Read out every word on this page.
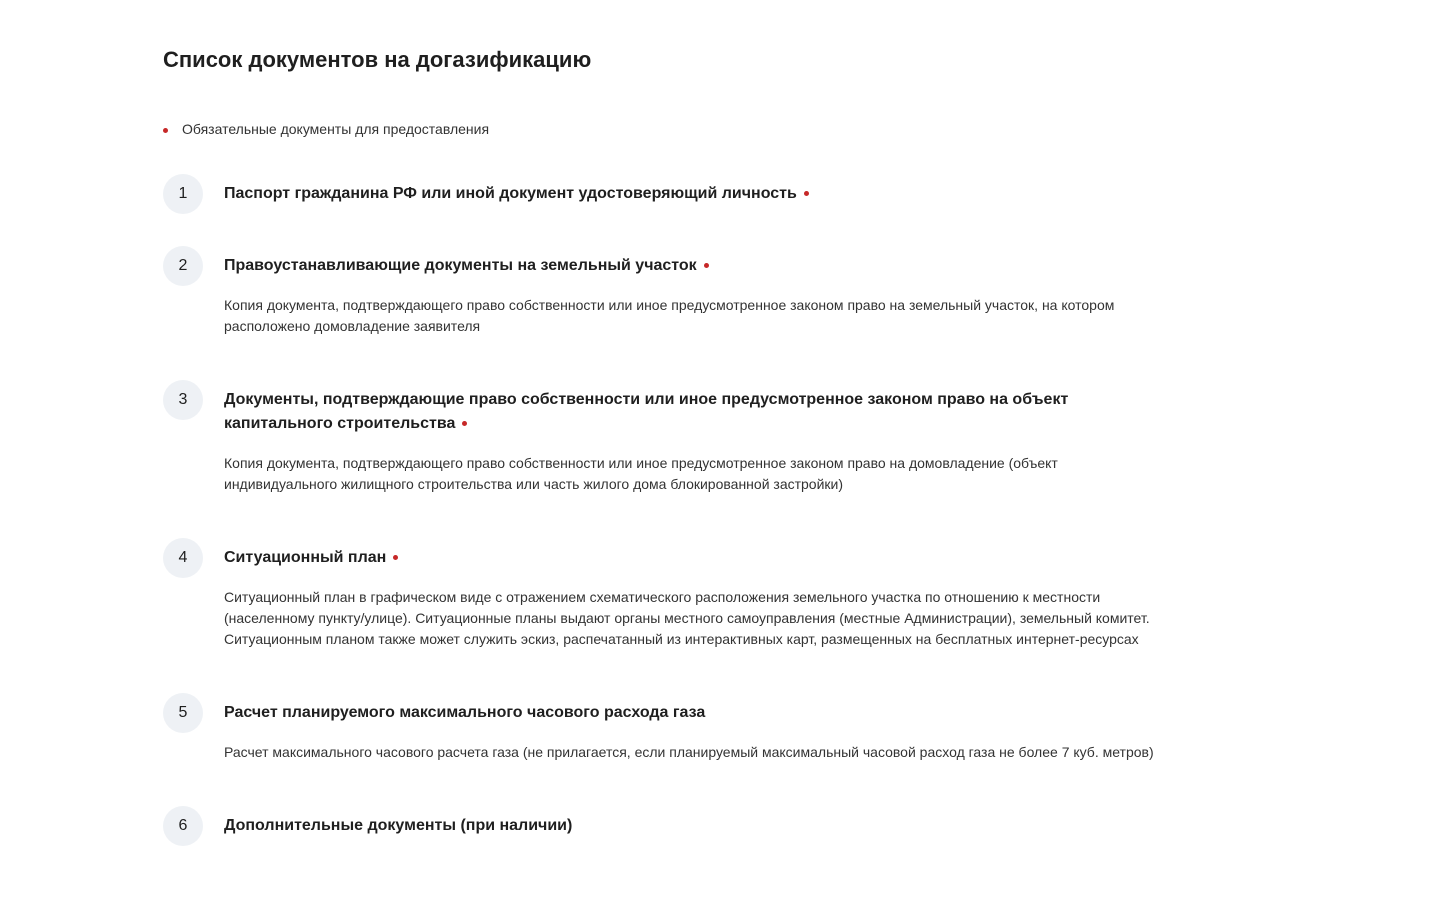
Список документов на догазификацию
Обязательные документы для предоставления
1	Паспорт гражданина РФ или иной документ удостоверяющий личность

2	Правоустанавливающие документы на земельный участок

Копия документа, подтверждающего право собственности или иное предусмотренное законом право на земельный участок, на котором расположено домовладение заявителя

3	Документы, подтверждающие право собственности или иное предусмотренное законом право на объект капитального строительства

Копия документа, подтверждающего право собственности или иное предусмотренное законом право на домовладение (объект индивидуального жилищного строительства или часть жилого дома блокированной застройки)

4	Ситуационный план

Ситуационный план в графическом виде с отражением схематического расположения земельного участка по отношению к местности (населенному пункту/улице). Ситуационные планы выдают органы местного самоуправления (местные Администрации), земельный комитет. Ситуационным планом также может служить эскиз, распечатанный из интерактивных карт, размещенных на бесплатных интернет-ресурсах

5	Расчет планируемого максимального часового расхода газа

Расчет максимального часового расчета газа (не прилагается, если планируемый максимальный часовой расход газа не более 7 куб. метров)

6	Дополнительные документы (при наличии)
